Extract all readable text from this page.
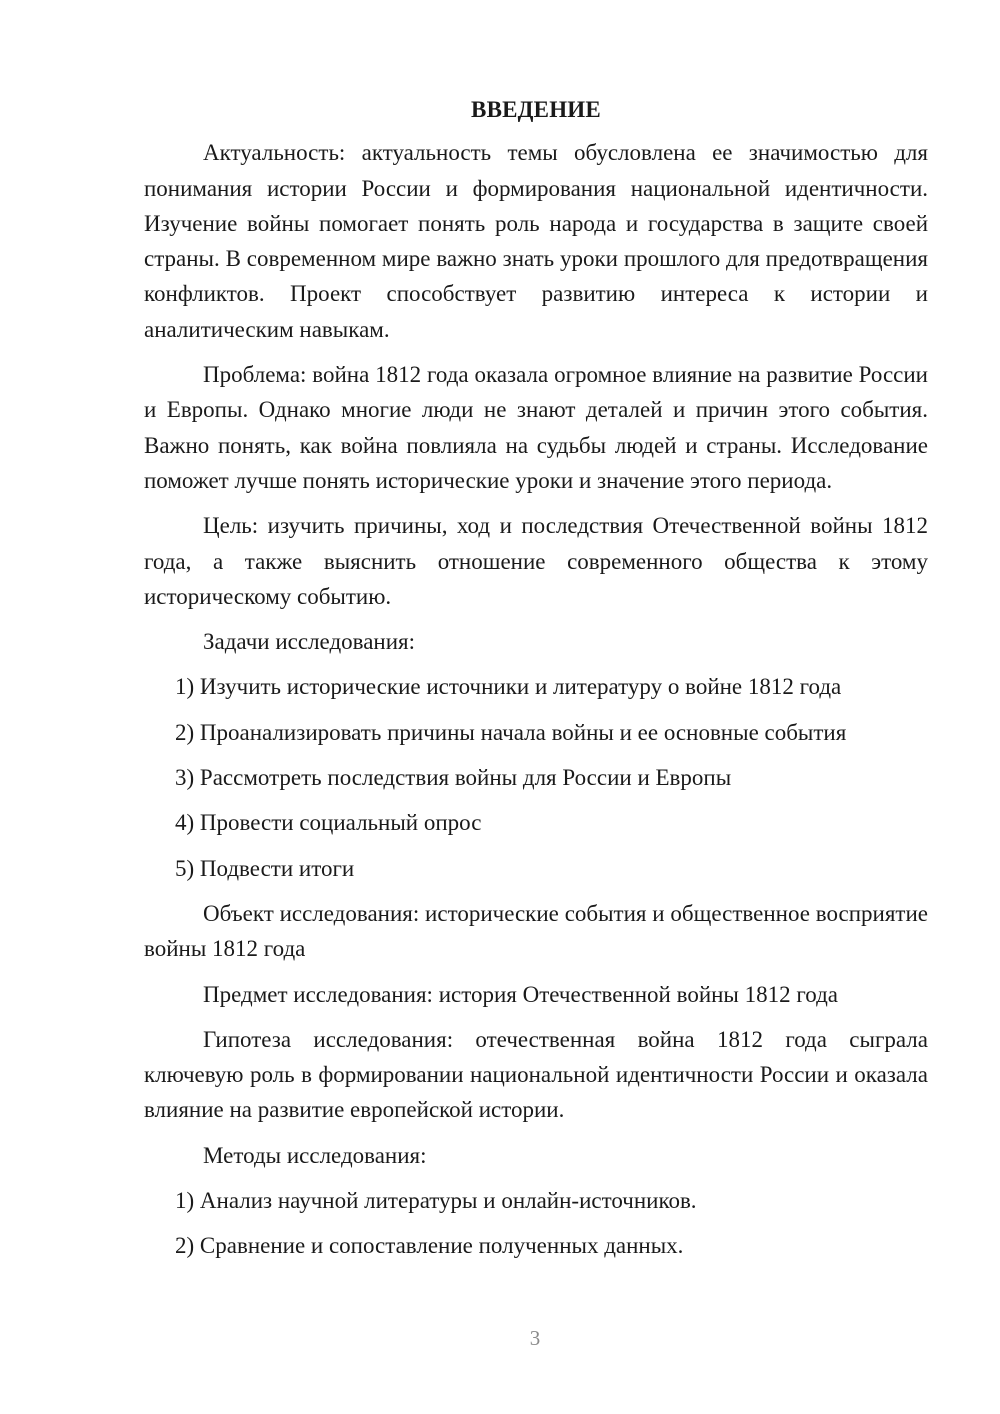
ВВЕДЕНИЕ

Актуальность: актуальность темы обусловлена ее значимостью для понимания истории России и формирования национальной идентичности. Изучение войны помогает понять роль народа и государства в защите своей страны. В современном мире важно знать уроки прошлого для предотвращения конфликтов. Проект способствует развитию интереса к истории и аналитическим навыкам.

Проблема: война 1812 года оказала огромное влияние на развитие России и Европы. Однако многие люди не знают деталей и причин этого события. Важно понять, как война повлияла на судьбы людей и страны. Исследование поможет лучше понять исторические уроки и значение этого периода.

Цель: изучить причины, ход и последствия Отечественной войны 1812 года, а также выяснить отношение современного общества к этому историческому событию.

Задачи исследования:

1) Изучить исторические источники и литературу о войне 1812 года

2) Проанализировать причины начала войны и ее основные события

3) Рассмотреть последствия войны для России и Европы

4) Провести социальный опрос

5) Подвести итоги

Объект исследования: исторические события и общественное восприятие войны 1812 года

Предмет исследования: история Отечественной войны 1812 года

Гипотеза исследования: отечественная война 1812 года сыграла ключевую роль в формировании национальной идентичности России и оказала влияние на развитие европейской истории.

Методы исследования:

1) Анализ научной литературы и онлайн-источников.

2) Сравнение и сопоставление полученных данных.

3
